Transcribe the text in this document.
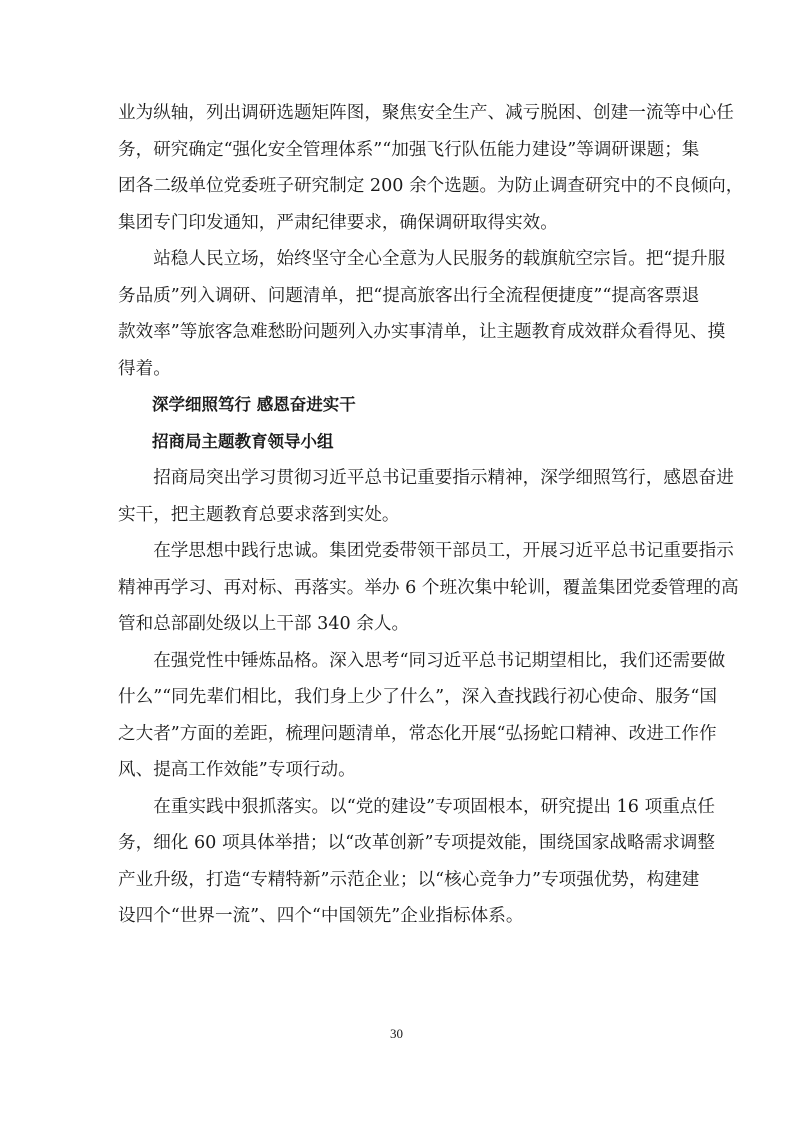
业为纵轴，列出调研选题矩阵图，聚焦安全生产、减亏脱困、创建一流等中心任
务，研究确定“强化安全管理体系”“加强飞行队伍能力建设”等调研课题；集
团各二级单位党委班子研究制定 200 余个选题。为防止调查研究中的不良倾向，
集团专门印发通知，严肃纪律要求，确保调研取得实效。
　　站稳人民立场，始终坚守全心全意为人民服务的载旗航空宗旨。把“提升服
务品质”列入调研、问题清单，把“提高旅客出行全流程便捷度”“提高客票退
款效率”等旅客急难愁盼问题列入办实事清单，让主题教育成效群众看得见、摸
得着。
深学细照笃行 感恩奋进实干
招商局主题教育领导小组
　　招商局突出学习贯彻习近平总书记重要指示精神，深学细照笃行，感恩奋进
实干，把主题教育总要求落到实处。
　　在学思想中践行忠诚。集团党委带领干部员工，开展习近平总书记重要指示
精神再学习、再对标、再落实。举办 6 个班次集中轮训，覆盖集团党委管理的高
管和总部副处级以上干部 340 余人。
　　在强党性中锤炼品格。深入思考“同习近平总书记期望相比，我们还需要做
什么”“同先辈们相比，我们身上少了什么”，深入查找践行初心使命、服务“国
之大者”方面的差距，梳理问题清单，常态化开展“弘扬蛇口精神、改进工作作
风、提高工作效能”专项行动。
　　在重实践中狠抓落实。以“党的建设”专项固根本，研究提出 16 项重点任
务，细化 60 项具体举措；以“改革创新”专项提效能，围绕国家战略需求调整
30
产业升级，打造“专精特新”示范企业；以“核心竞争力”专项强优势，构建建
设四个“世界一流”、四个“中国领先”企业指标体系。
